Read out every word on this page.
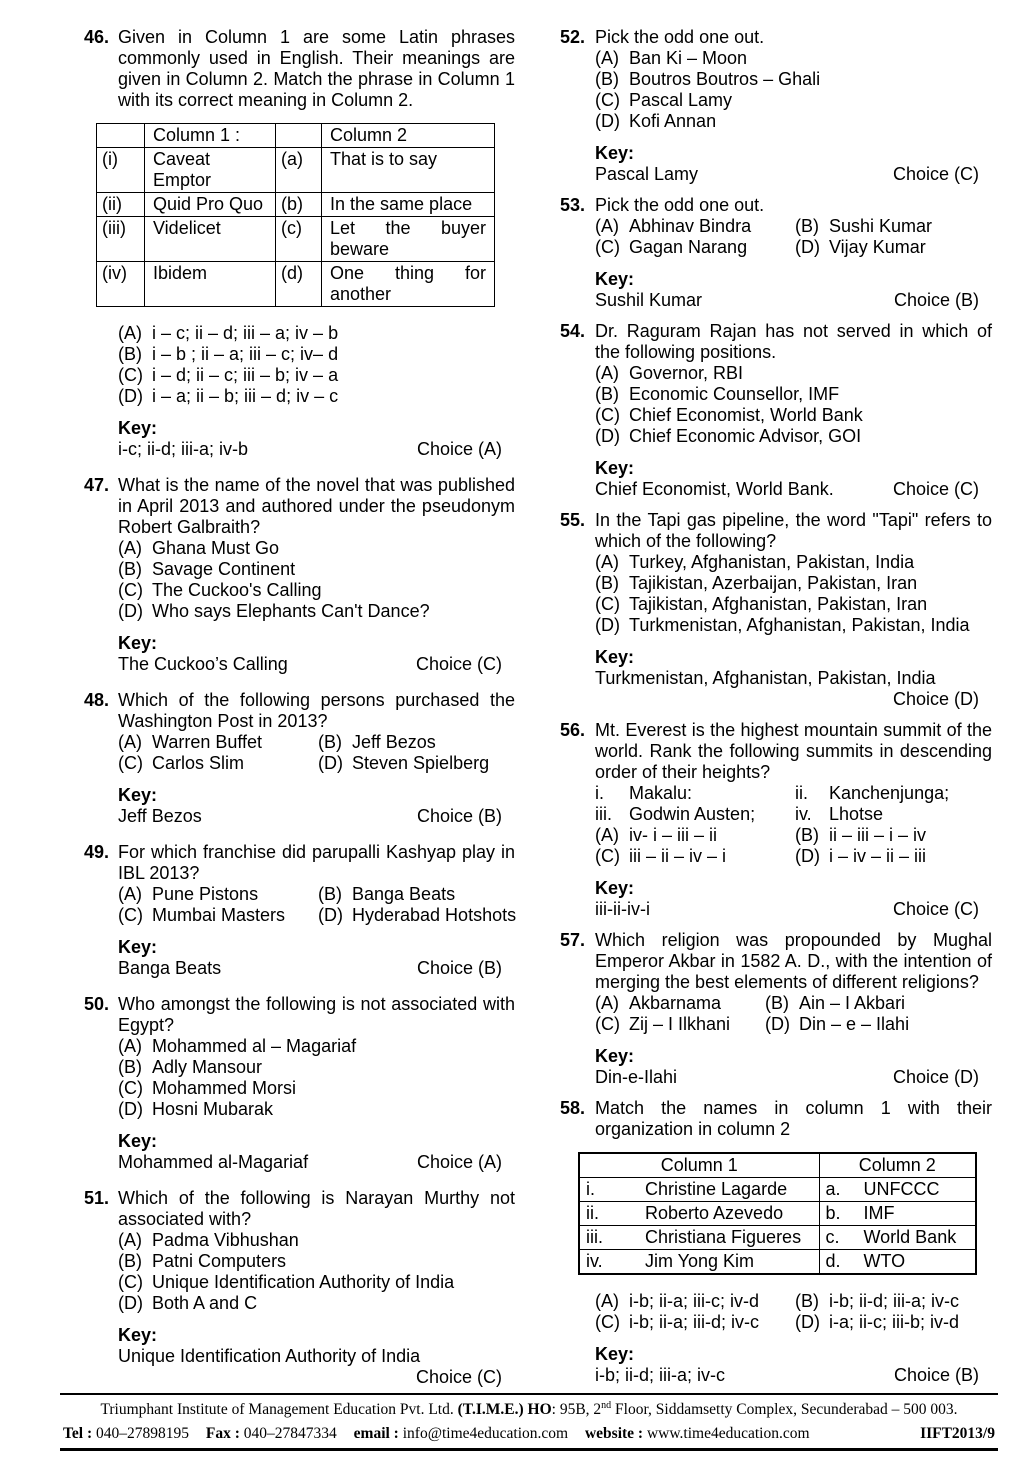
46. Given in Column 1 are some Latin phrases commonly used in English. Their meanings are given in Column 2. Match the phrase in Column 1 with its correct meaning in Column 2.
	Column 1 :		Column 2
(i)	Caveat Emptor	(a)	That is to say
(ii)	Quid Pro Quo	(b)	In the same place
(iii)	Videlicet	(c)	Let the buyer beware
(iv)	Ibidem	(d)	One thing for another
(A) i – c; ii – d; iii – a; iv – b
(B) i – b ; ii – a; iii – c; iv– d
(C) i – d; ii – c; iii – b; iv – a
(D) i – a; ii – b; iii – d; iv – c
Key:
i-c; ii-d; iii-a; iv-b	Choice (A)
47. What is the name of the novel that was published in April 2013 and authored under the pseudonym Robert Galbraith?
(A) Ghana Must Go
(B) Savage Continent
(C) The Cuckoo's Calling
(D) Who says Elephants Can't Dance?
Key:
The Cuckoo’s Calling	Choice (C)
48. Which of the following persons purchased the Washington Post in 2013?
(A) Warren Buffet	(B) Jeff Bezos
(C) Carlos Slim	(D) Steven Spielberg
Key:
Jeff Bezos	Choice (B)
49. For which franchise did parupalli Kashyap play in IBL 2013?
(A) Pune Pistons	(B) Banga Beats
(C) Mumbai Masters (D) Hyderabad Hotshots
Key:
Banga Beats	Choice (B)
50. Who amongst the following is not associated with Egypt?
(A) Mohammed al – Magariaf
(B) Adly Mansour
(C) Mohammed Morsi
(D) Hosni Mubarak
Key:
Mohammed al-Magariaf	Choice (A)
51. Which of the following is Narayan Murthy not associated with?
(A) Padma Vibhushan
(B) Patni Computers
(C) Unique Identification Authority of India
(D) Both A and C
Key:
Unique Identification Authority of India
Choice (C)
52. Pick the odd one out.
(A) Ban Ki – Moon
(B) Boutros Boutros – Ghali
(C) Pascal Lamy
(D) Kofi Annan
Key:
Pascal Lamy	Choice (C)
53. Pick the odd one out.
(A) Abhinav Bindra (B) Sushi Kumar
(C) Gagan Narang	(D) Vijay Kumar
Key:
Sushil Kumar	Choice (B)
54. Dr. Raguram Rajan has not served in which of the following positions.
(A) Governor, RBI
(B) Economic Counsellor, IMF
(C) Chief Economist, World Bank
(D) Chief Economic Advisor, GOI
Key:
Chief Economist, World Bank.	Choice (C)
55. In the Tapi gas pipeline, the word "Tapi" refers to which of the following?
(A) Turkey, Afghanistan, Pakistan, India
(B) Tajikistan, Azerbaijan, Pakistan, Iran
(C) Tajikistan, Afghanistan, Pakistan, Iran
(D) Turkmenistan, Afghanistan, Pakistan, India
Key:
Turkmenistan, Afghanistan, Pakistan, India
Choice (D)
56. Mt. Everest is the highest mountain summit of the world. Rank the following summits in descending order of their heights?
i.	Makalu:	ii.	Kanchenjunga;
iii. Godwin Austen; iv. Lhotse
(A) iv- i – iii – ii	(B) ii – iii – i – iv
(C) iii – ii – iv – i	(D) i – iv – ii – iii
Key:
iii-ii-iv-i	Choice (C)
57. Which religion was propounded by Mughal Emperor Akbar in 1582 A. D., with the intention of merging the best elements of different religions?
(A) Akbarnama (B) Ain – I Akbari
(C) Zij – I Ilkhani (D) Din – e – Ilahi
Key:
Din-e-Ilahi	Choice (D)
58. Match the names in column 1 with their organization in column 2
Column 1	Column 2

i. Christine Lagarde	a. UNFCCC

ii. Roberto Azevedo	b. IMF

iii. Christiana Figueres	c. World Bank

iv. Jim Yong Kim	d. WTO
(A) i-b; ii-a; iii-c; iv-d (B) i-b; ii-d; iii-a; iv-c
(C) i-b; ii-a; iii-d; iv-c (D) i-a; ii-c; iii-b; iv-d
Key:
i-b; ii-d; iii-a; iv-c	Choice (B)
Triumphant Institute of Management Education Pvt. Ltd. (T.I.M.E.) HO: 95B, 2nd Floor, Siddamsetty Complex, Secunderabad – 500 003.
Tel : 040–27898195 Fax : 040–27847334 email : info@time4education.com website : www.time4education.com	IIFT2013/9
